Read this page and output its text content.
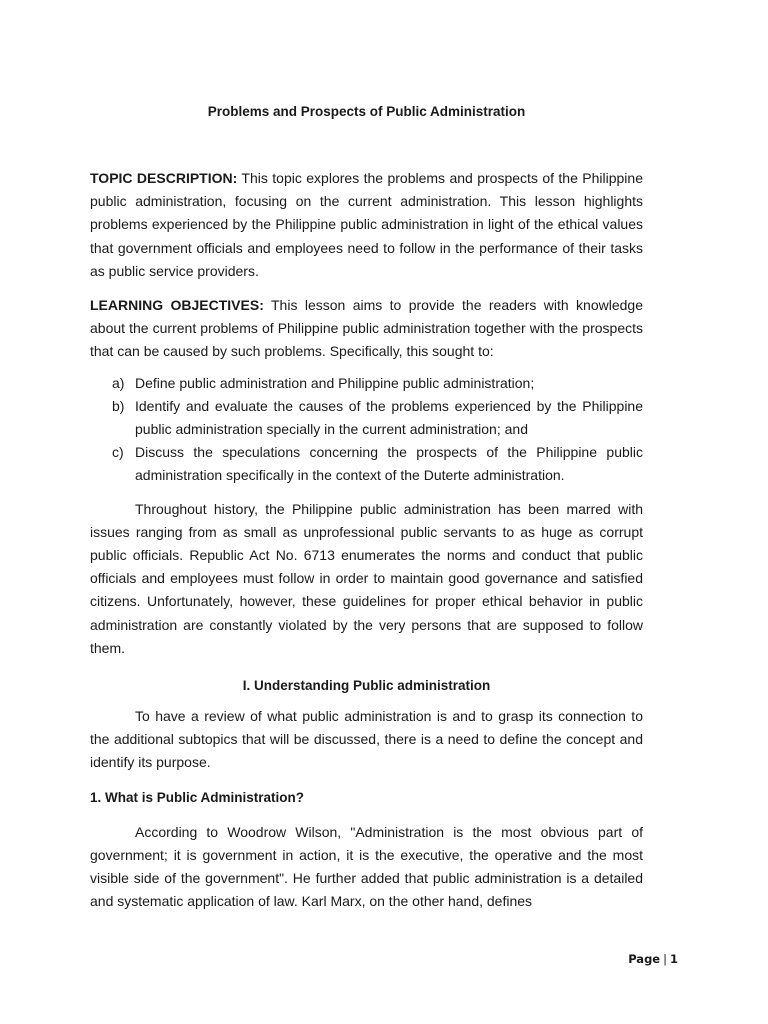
Problems and Prospects of Public Administration

TOPIC DESCRIPTION: This topic explores the problems and prospects of the Philippine public administration, focusing on the current administration. This lesson highlights problems experienced by the Philippine public administration in light of the ethical values that government officials and employees need to follow in the performance of their tasks as public service providers.

LEARNING OBJECTIVES: This lesson aims to provide the readers with knowledge about the current problems of Philippine public administration together with the prospects that can be caused by such problems. Specifically, this sought to:

a) Define public administration and Philippine public administration;
b) Identify and evaluate the causes of the problems experienced by the Philippine public administration specially in the current administration; and
c) Discuss the speculations concerning the prospects of the Philippine public administration specifically in the context of the Duterte administration.

Throughout history, the Philippine public administration has been marred with issues ranging from as small as unprofessional public servants to as huge as corrupt public officials. Republic Act No. 6713 enumerates the norms and conduct that public officials and employees must follow in order to maintain good governance and satisfied citizens. Unfortunately, however, these guidelines for proper ethical behavior in public administration are constantly violated by the very persons that are supposed to follow them.

I. Understanding Public administration

To have a review of what public administration is and to grasp its connection to the additional subtopics that will be discussed, there is a need to define the concept and identify its purpose.

1. What is Public Administration?

According to Woodrow Wilson, "Administration is the most obvious part of government; it is government in action, it is the executive, the operative and the most visible side of the government". He further added that public administration is a detailed and systematic application of law. Karl Marx, on the other hand, defines

Page | 1
